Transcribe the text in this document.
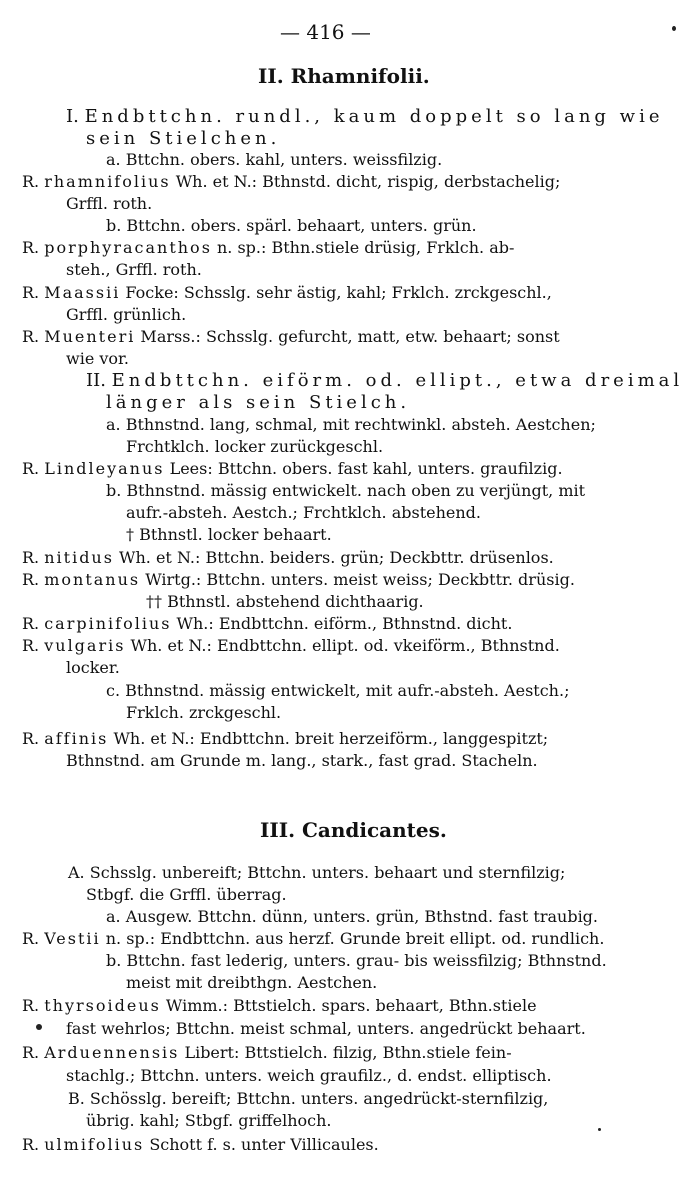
— 416 —
II. Rhamnifolii.
I. Endbttchn. rundl., kaum doppelt so lang wie
sein Stielchen.
a. Bttchn. obers. kahl, unters. weissfilzig.
R. rhamnifolius Wh. et N.: Bthnstd. dicht, rispig, derbstachelig;
Grffl. roth.
b. Bttchn. obers. spärl. behaart, unters. grün.
R. porphyracanthos n. sp.: Bthn.stiele drüsig, Frklch. ab-
steh., Grffl. roth.
R. Maassii Focke: Schsslg. sehr ästig, kahl; Frklch. zrckgeschl.,
Grffl. grünlich.
R. Muenteri Marss.: Schsslg. gefurcht, matt, etw. behaart; sonst
wie vor.
II. Endbttchn. eiförm. od. ellipt., etwa dreimal
länger als sein Stielch.
a. Bthnstnd. lang, schmal, mit rechtwinkl. absteh. Aestchen;
Frchtklch. locker zurückgeschl.
R. Lindleyanus Lees: Bttchn. obers. fast kahl, unters. graufilzig.
b. Bthnstnd. mässig entwickelt. nach oben zu verjüngt, mit
aufr.-absteh. Aestch.; Frchtklch. abstehend.
† Bthnstl. locker behaart.
R. nitidus Wh. et N.: Bttchn. beiders. grün; Deckbttr. drüsenlos.
R. montanus Wirtg.: Bttchn. unters. meist weiss; Deckbttr. drüsig.
†† Bthnstl. abstehend dichthaarig.
R. carpinifolius Wh.: Endbttchn. eiförm., Bthnstnd. dicht.
R. vulgaris Wh. et N.: Endbttchn. ellipt. od. vkeiförm., Bthnstnd.
locker.
c. Bthnstnd. mässig entwickelt, mit aufr.-absteh. Aestch.;
Frklch. zrckgeschl.
R. affinis Wh. et N.: Endbttchn. breit herzeiförm., langgespitzt;
Bthnstnd. am Grunde m. lang., stark., fast grad. Stacheln.
III. Candicantes.
A. Schsslg. unbereift; Bttchn. unters. behaart und sternfilzig;
Stbgf. die Grffl. überrag.
a. Ausgew. Bttchn. dünn, unters. grün, Bthstnd. fast traubig.
R. Vestii n. sp.: Endbttchn. aus herzf. Grunde breit ellipt. od. rundlich.
b. Bttchn. fast lederig, unters. grau- bis weissfilzig; Bthnstnd.
meist mit dreibthgn. Aestchen.
R. thyrsoideus Wimm.: Bttstielch. spars. behaart, Bthn.stiele
fast wehrlos; Bttchn. meist schmal, unters. angedrückt behaart.
R. Arduennensis Libert: Bttstielch. filzig, Bthn.stiele fein-
stachlg.; Bttchn. unters. weich graufilz., d. endst. elliptisch.
B. Schösslg. bereift; Bttchn. unters. angedrückt-sternfilzig,
übrig. kahl; Stbgf. griffelhoch.
R. ulmifolius Schott f. s. unter Villicaules.
